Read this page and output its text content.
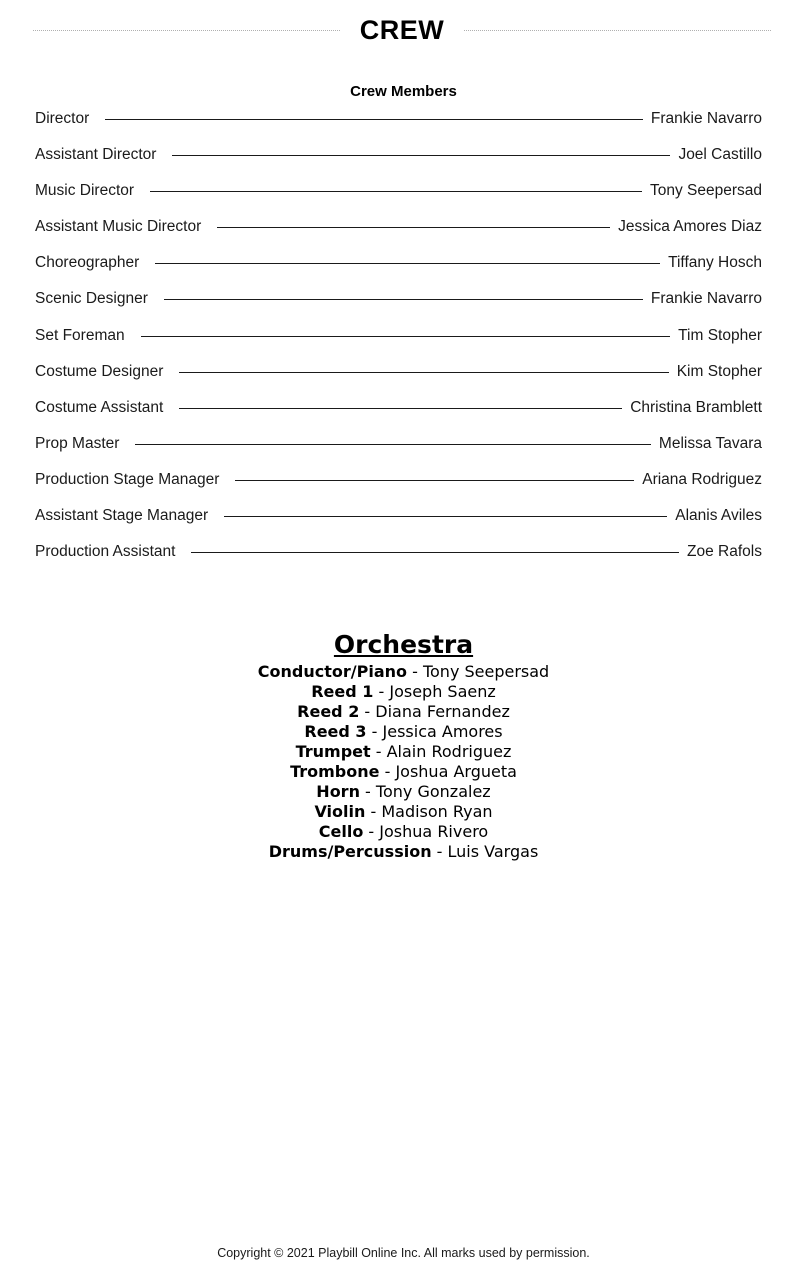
CREW
Crew Members
Director	Frankie Navarro
Assistant Director	Joel Castillo
Music Director	Tony Seepersad
Assistant Music Director	Jessica Amores Diaz
Choreographer	Tiffany Hosch
Scenic Designer	Frankie Navarro
Set Foreman	Tim Stopher
Costume Designer	Kim Stopher
Costume Assistant	Christina Bramblett
Prop Master	Melissa Tavara
Production Stage Manager	Ariana Rodriguez
Assistant Stage Manager	Alanis Aviles
Production Assistant	Zoe Rafols
Orchestra
Conductor/Piano - Tony Seepersad
Reed 1 - Joseph Saenz
Reed 2 - Diana Fernandez
Reed 3 - Jessica Amores
Trumpet - Alain Rodriguez
Trombone - Joshua Argueta
Horn - Tony Gonzalez
Violin - Madison Ryan
Cello - Joshua Rivero
Drums/Percussion - Luis Vargas
Copyright © 2021 Playbill Online Inc. All marks used by permission.
